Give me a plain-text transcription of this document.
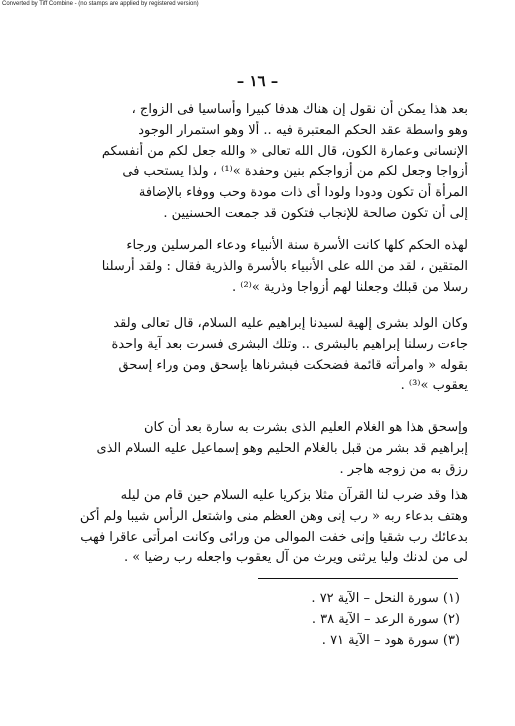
Converted by Tiff Combine - (no stamps are applied by registered version)
– ١٦ –
بعد هذا يمكن أن نقول إن هناك هدفا كبيرا وأساسيا فى الزواج ،
وهو واسطة عقد الحكم المعتبرة فيه .. ألا وهو استمرار الوجود
الإنسانى وعمارة الكون، قال الله تعالى « والله جعل لكم من أنفسكم
أزواجا وجعل لكم من أزواجكم بنين وحفدة »⁽¹⁾ ، ولذا يستحب فى
المرأة أن تكون ودودا ولودا أى ذات مودة وحب ووفاء بالإضافة
إلى أن تكون صالحة للإنجاب فتكون قد جمعت الحسنيين .
لهذه الحكم كلها كانت الأسرة سنة الأنبياء ودعاء المرسلين ورجاء
المتقين ، لقد من الله على الأنبياء بالأسرة والذرية فقال : ولقد أرسلنا
رسلا من قبلك وجعلنا لهم أزواجا وذرية »⁽²⁾ .
وكان الولد بشرى إلهية لسيدنا إبراهيم عليه السلام، قال تعالى ولقد
جاءت رسلنا إبراهيم بالبشرى .. وتلك البشرى فسرت بعد آية واحدة
بقوله « وامرأته قائمة فضحكت فبشرناها بإسحق ومن وراء إسحق
يعقوب »⁽³⁾ .
وإسحق هذا هو الغلام العليم الذى بشرت به سارة بعد أن كان
إبراهيم قد بشر من قبل بالغلام الحليم وهو إسماعيل عليه السلام الذى
رزق به من زوجه هاجر .
هذا وقد ضرب لنا القرآن مثلا بزكريا عليه السلام حين قام من ليله
وهتف بدعاء ربه « رب إنى وهن العظم منى واشتعل الرأس شيبا ولم أكن
بدعائك رب شقيا وإنى خفت الموالى من ورائى وكانت امرأتى عاقرا فهب
لى من لدنك وليا يرثنى ويرث من آل يعقوب واجعله رب رضيا » .
(١) سورة النحل – الآية ٧٢ .
(٢) سورة الرعد – الآية ٣٨ .
(٣) سورة هود – الآية ٧١ .
